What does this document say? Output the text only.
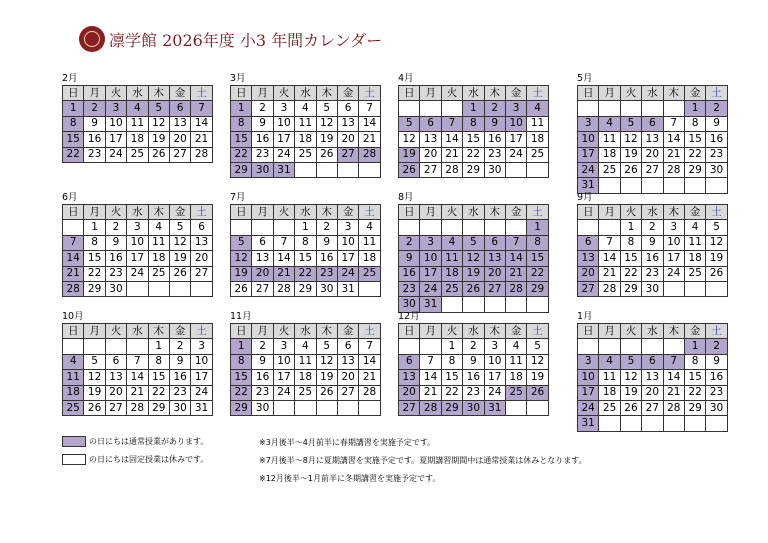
凛学館 2026年度 小3 年間カレンダー
2月
日	月	火	水	木	金	土
1	2	3	4	5	6	7
8	9	10	11	12	13	14
15	16	17	18	19	20	21
22	23	24	25	26	27	28
3月
日	月	火	水	木	金	土
1	2	3	4	5	6	7
8	9	10	11	12	13	14
15	16	17	18	19	20	21
22	23	24	25	26	27	28
29	30	31				
4月
日	月	火	水	木	金	土
			1	2	3	4
5	6	7	8	9	10	11
12	13	14	15	16	17	18
19	20	21	22	23	24	25
26	27	28	29	30		
5月
日	月	火	水	木	金	土
					1	2
3	4	5	6	7	8	9
10	11	12	13	14	15	16
17	18	19	20	21	22	23
24	25	26	27	28	29	30
31						
6月
日	月	火	水	木	金	土
	1	2	3	4	5	6
7	8	9	10	11	12	13
14	15	16	17	18	19	20
21	22	23	24	25	26	27
28	29	30				
7月
日	月	火	水	木	金	土
			1	2	3	4
5	6	7	8	9	10	11
12	13	14	15	16	17	18
19	20	21	22	23	24	25
26	27	28	29	30	31	
8月
日	月	火	水	木	金	土
						1
2	3	4	5	6	7	8
9	10	11	12	13	14	15
16	17	18	19	20	21	22
23	24	25	26	27	28	29
30	31					
9月
日	月	火	水	木	金	土
		1	2	3	4	5
6	7	8	9	10	11	12
13	14	15	16	17	18	19
20	21	22	23	24	25	26
27	28	29	30			
10月
日	月	火	水	木	金	土
				1	2	3
4	5	6	7	8	9	10
11	12	13	14	15	16	17
18	19	20	21	22	23	24
25	26	27	28	29	30	31
11月
日	月	火	水	木	金	土
1	2	3	4	5	6	7
8	9	10	11	12	13	14
15	16	17	18	19	20	21
22	23	24	25	26	27	28
29	30					
12月
日	月	火	水	木	金	土
		1	2	3	4	5
6	7	8	9	10	11	12
13	14	15	16	17	18	19
20	21	22	23	24	25	26
27	28	29	30	31		
1月
日	月	火	水	木	金	土
					1	2
3	4	5	6	7	8	9
10	11	12	13	14	15	16
17	18	19	20	21	22	23
24	25	26	27	28	29	30
31						
の日にちは通常授業があります。
の日にちは固定授業は休みです。
※3月後半～4月前半に春期講習を実施予定です。
※7月後半～8月に夏期講習を実施予定です。夏期講習期間中は通常授業は休みとなります。
※12月後半～1月前半に冬期講習を実施予定です。
